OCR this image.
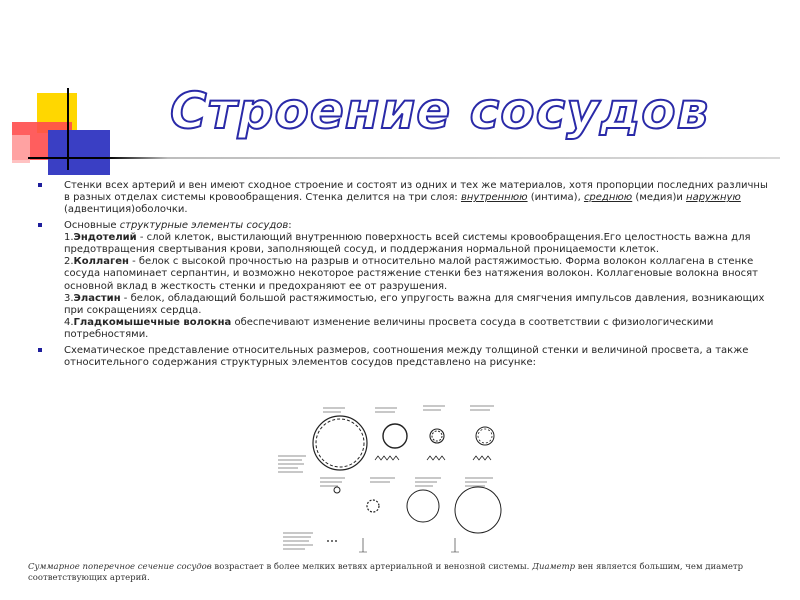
Строение сосудов
Стенки всех артерий и вен имеют сходное строение и состоят из одних и тех же материалов, хотя пропорции последних различны в разных отделах системы кровообращения. Стенка делится на три слоя: внутреннюю (интима), среднюю (медия)и наружную (адвентиция)оболочки.
Основные структурные элементы сосудов:
1.Эндотелий - слой клеток, выстилающий внутреннюю поверхность всей системы кровообращения.Его целостность важна для предотвращения свертывания крови, заполняющей сосуд, и поддержания нормальной проницаемости клеток.
2.Коллаген - белок с высокой прочностью на разрыв и относительно малой растяжимостью. Форма волокон коллагена в стенке сосуда напоминает серпантин, и возможно некоторое растяжение стенки без натяжения волокон. Коллагеновые волокна вносят основной вклад в жесткость стенки и предохраняют ее от разрушения.
3.Эластин - белок, обладающий большой растяжимостью, его упругость важна для смягчения импульсов давления, возникающих при сокращениях сердца.
4.Гладкомышечные волокна обеспечивают изменение величины просвета сосуда в соответствии с физиологическими потребностями.
Схематическое представление относительных размеров, соотношения между толщиной стенки и величиной просвета, а также относительного содержания структурных элементов сосудов представлено на рисунке:
Суммарное поперечное сечение сосудов возрастает в более мелких ветвях артериальной и венозной системы. Диаметр вен является большим, чем диаметр соответствующих артерий.
